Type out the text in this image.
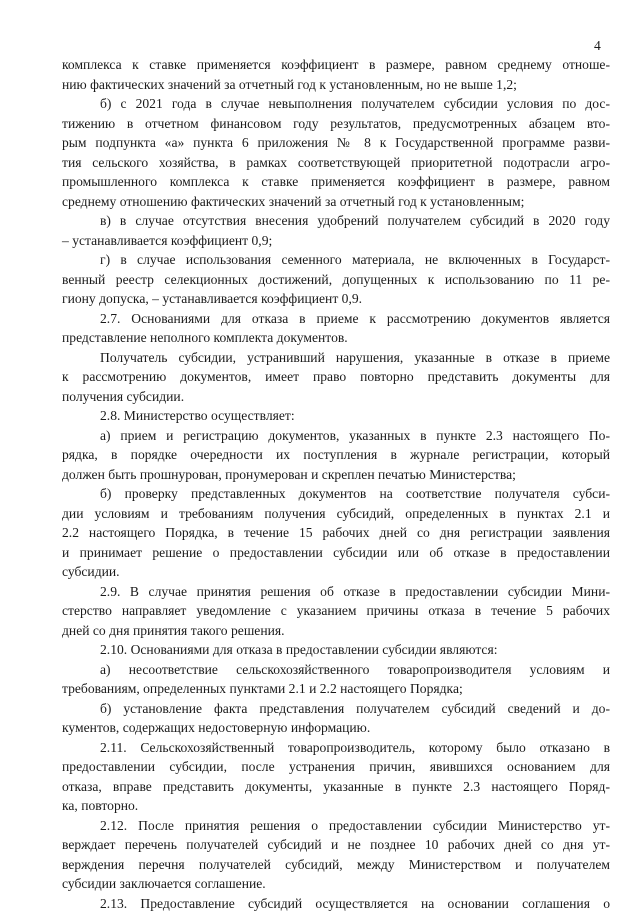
4
комплекса к ставке применяется коэффициент в размере, равном среднему отноше-
нию фактических значений за отчетный год к установленным, но не выше 1,2;
б) с 2021 года в случае невыполнения получателем субсидии условия по дос-
тижению в отчетном финансовом году результатов, предусмотренных абзацем вто-
рым подпункта «а» пункта 6 приложения № 8 к Государственной программе разви-
тия сельского хозяйства, в рамках соответствующей приоритетной подотрасли агро-
промышленного комплекса к ставке применяется коэффициент в размере, равном
среднему отношению фактических значений за отчетный год к установленным;
в) в случае отсутствия внесения удобрений получателем субсидий в 2020 году
– устанавливается коэффициент 0,9;
г) в случае использования семенного материала, не включенных в Государст-
венный реестр селекционных достижений, допущенных к использованию по 11 ре-
гиону допуска, – устанавливается коэффициент 0,9.
2.7. Основаниями для отказа в приеме к рассмотрению документов является
представление неполного комплекта документов.
Получатель субсидии, устранивший нарушения, указанные в отказе в приеме
к рассмотрению документов, имеет право повторно представить документы для
получения субсидии.
2.8. Министерство осуществляет:
а) прием и регистрацию документов, указанных в пункте 2.3 настоящего По-
рядка, в порядке очередности их поступления в журнале регистрации, который
должен быть прошнурован, пронумерован и скреплен печатью Министерства;
б) проверку представленных документов на соответствие получателя субси-
дии условиям и требованиям получения субсидий, определенных в пунктах 2.1 и
2.2 настоящего Порядка, в течение 15 рабочих дней со дня регистрации заявления
и принимает решение о предоставлении субсидии или об отказе в предоставлении
субсидии.
2.9. В случае принятия решения об отказе в предоставлении субсидии Мини-
стерство направляет уведомление с указанием причины отказа в течение 5 рабочих
дней со дня принятия такого решения.
2.10. Основаниями для отказа в предоставлении субсидии являются:
а) несоответствие сельскохозяйственного товаропроизводителя условиям и
требованиям, определенных пунктами 2.1 и 2.2 настоящего Порядка;
б) установление факта представления получателем субсидий сведений и до-
кументов, содержащих недостоверную информацию.
2.11. Сельскохозяйственный товаропроизводитель, которому было отказано в
предоставлении субсидии, после устранения причин, явившихся основанием для
отказа, вправе представить документы, указанные в пункте 2.3 настоящего Поряд-
ка, повторно.
2.12. После принятия решения о предоставлении субсидии Министерство ут-
верждает перечень получателей субсидий и не позднее 10 рабочих дней со дня ут-
верждения перечня получателей субсидий, между Министерством и получателем
субсидии заключается соглашение.
2.13. Предоставление субсидий осуществляется на основании соглашения о
